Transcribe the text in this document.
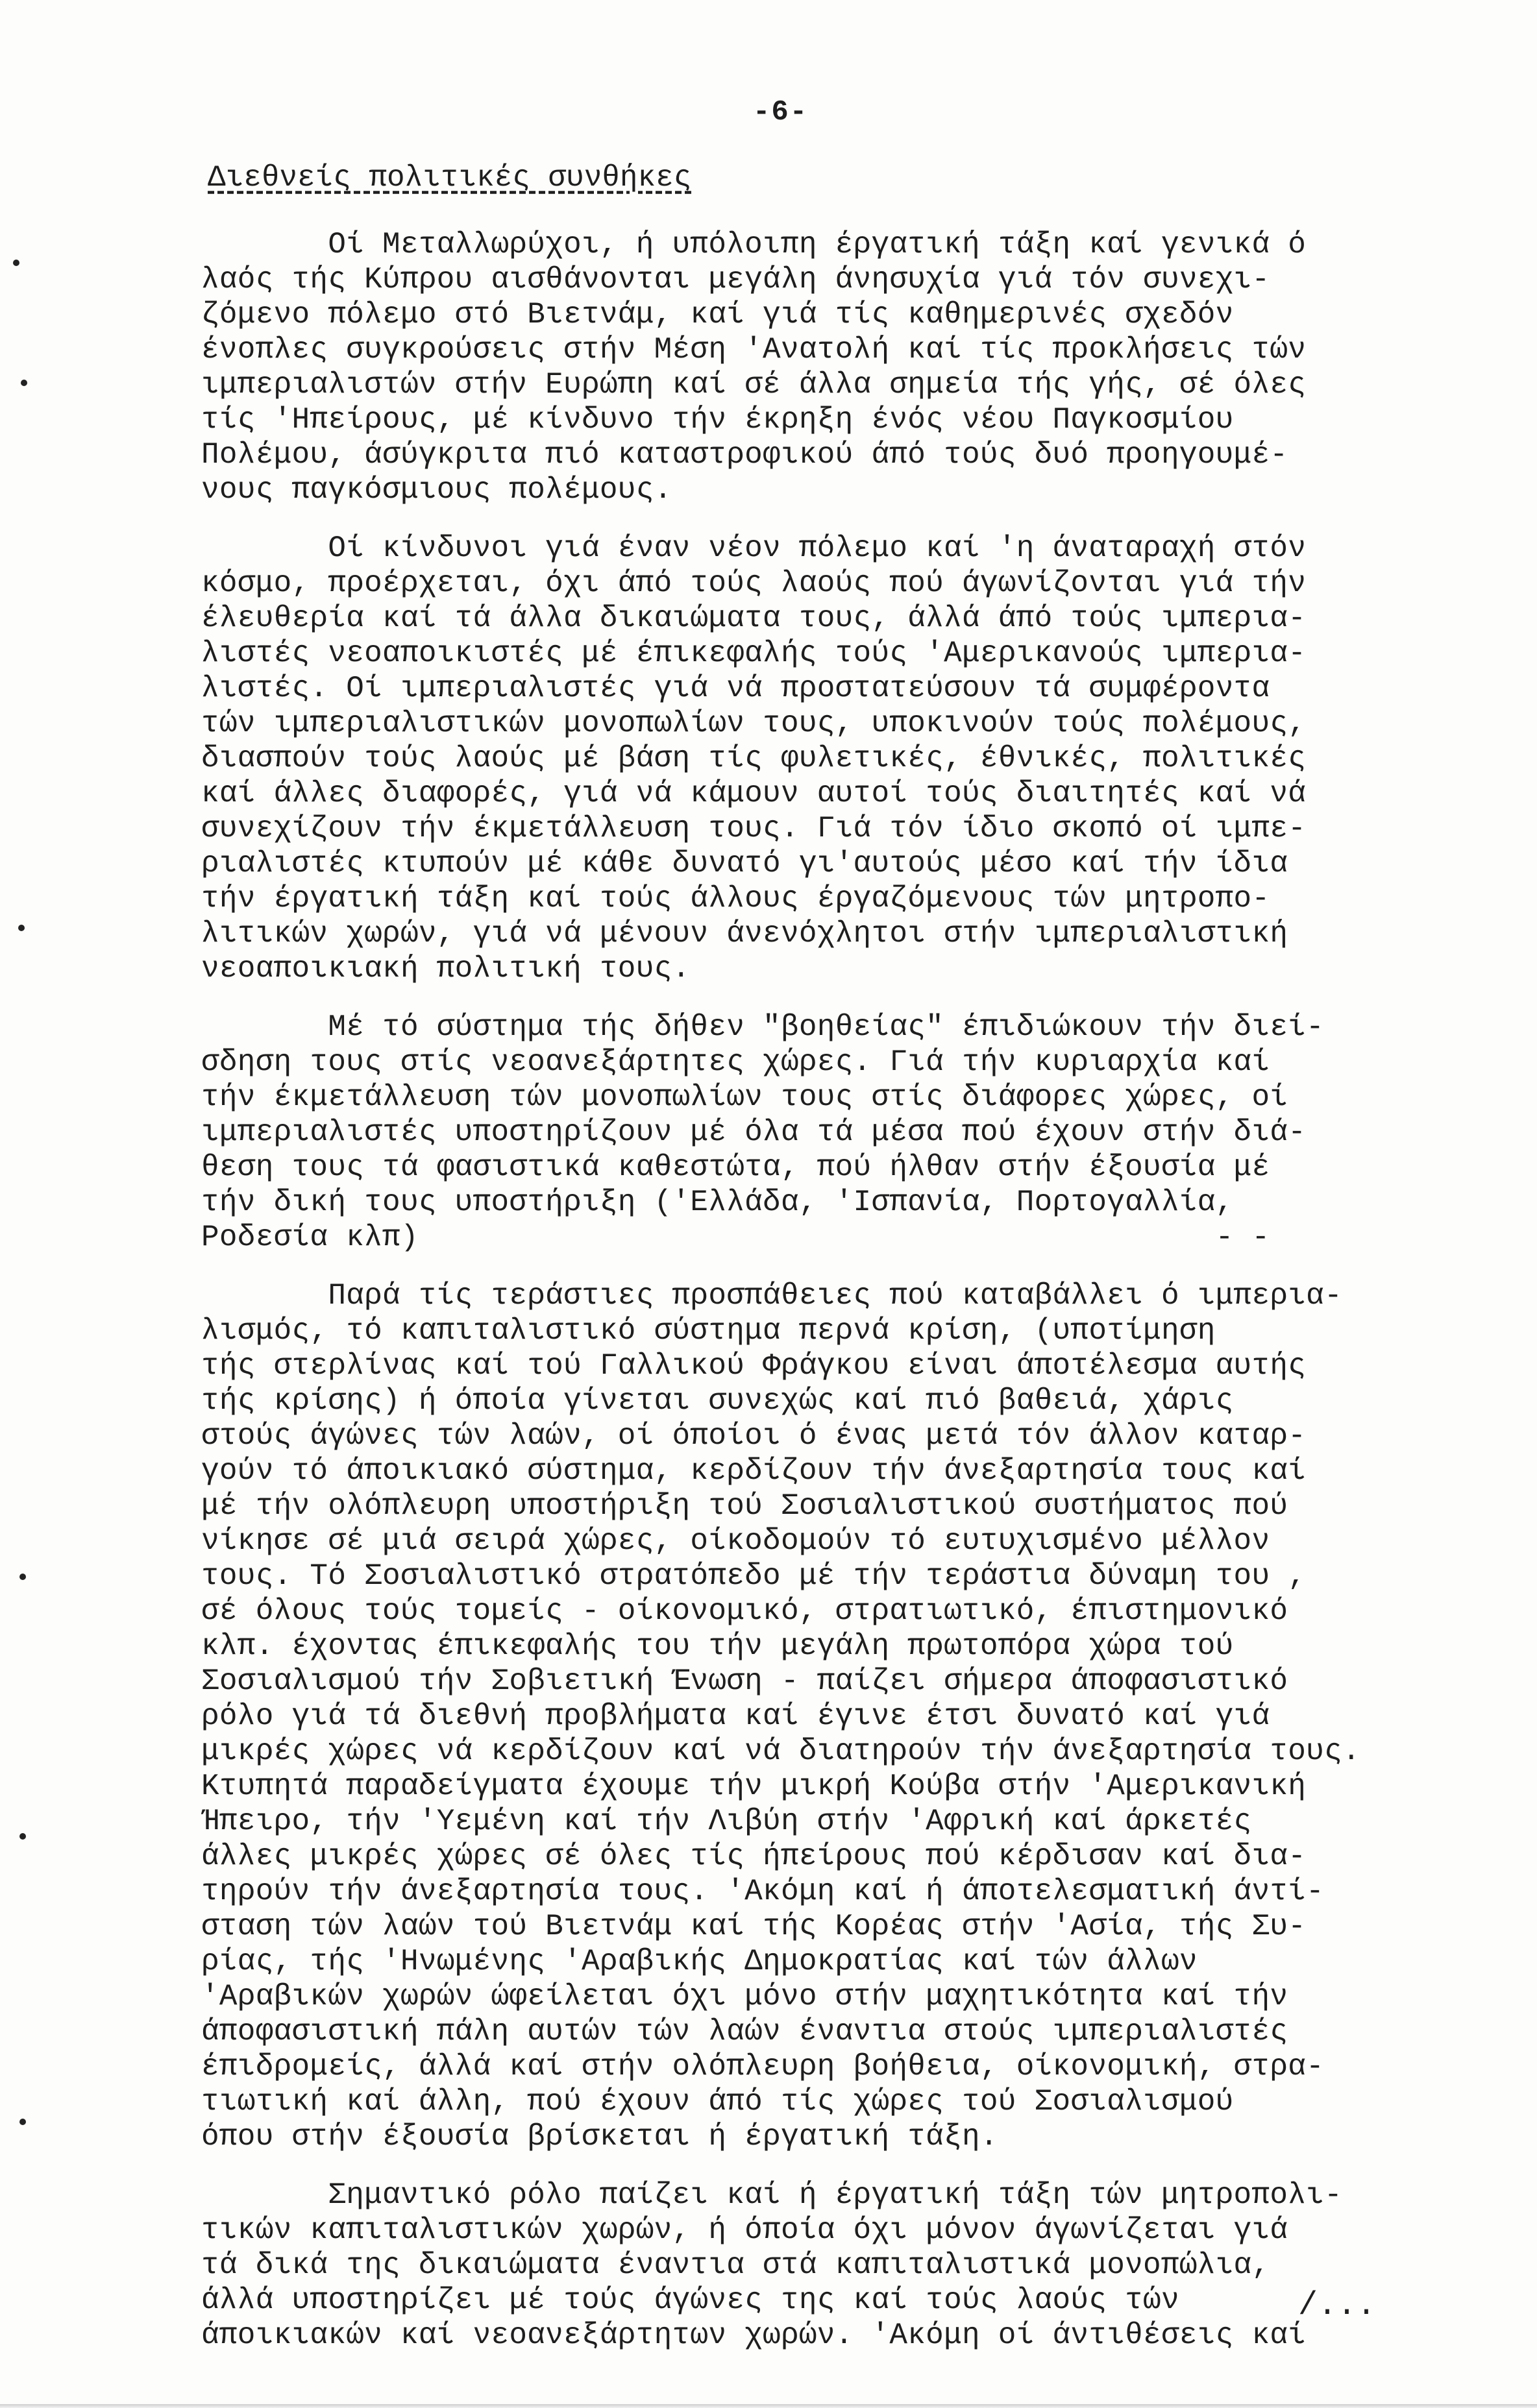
-6-
Διεθνείς πολιτικές συνθήκες
Οί Μεταλλωρύχοι, ή υπόλοιπη έργατική τάξη καί γενικά ό
λαός τής Κύπρου αισθάνονται μεγάλη άνησυχία γιά τόν συνεχι-
ζόμενο πόλεμο στό Βιετνάμ, καί γιά τίς καθημερινές σχεδόν
ένοπλες συγκρούσεις στήν Μέση 'Ανατολή καί τίς προκλήσεις τών
ιμπεριαλιστών στήν Ευρώπη καί σέ άλλα σημεία τής γής, σέ όλες
τίς 'Ηπείρους, μέ κίνδυνο τήν έκρηξη ένός νέου Παγκοσμίου
Πολέμου, άσύγκριτα πιό καταστροφικού άπό τούς δυό προηγουμέ-
νους παγκόσμιους πολέμους.
Οί κίνδυνοι γιά έναν νέον πόλεμο καί 'η άναταραχή στόν
κόσμο, προέρχεται, όχι άπό τούς λαούς πού άγωνίζονται γιά τήν
έλευθερία καί τά άλλα δικαιώματα τους, άλλά άπό τούς ιμπερια-
λιστές νεοαποικιστές μέ έπικεφαλής τούς 'Αμερικανούς ιμπερια-
λιστές. Οί ιμπεριαλιστές γιά νά προστατεύσουν τά συμφέροντα
τών ιμπεριαλιστικών μονοπωλίων τους, υποκινούν τούς πολέμους,
διασπούν τούς λαούς μέ βάση τίς φυλετικές, έθνικές, πολιτικές
καί άλλες διαφορές, γιά νά κάμουν αυτοί τούς διαιτητές καί νά
συνεχίζουν τήν έκμετάλλευση τους. Γιά τόν ίδιο σκοπό οί ιμπε-
ριαλιστές κτυπούν μέ κάθε δυνατό γι'αυτούς μέσο καί τήν ίδια
τήν έργατική τάξη καί τούς άλλους έργαζόμενους τών μητροπο-
λιτικών χωρών, γιά νά μένουν άνενόχλητοι στήν ιμπεριαλιστική
νεοαποικιακή πολιτική τους.
Μέ τό σύστημα τής δήθεν "βοηθείας" έπιδιώκουν τήν διεί-
σδηση τους στίς νεοανεξάρτητες χώρες. Γιά τήν κυριαρχία καί
τήν έκμετάλλευση τών μονοπωλίων τους στίς διάφορες χώρες, οί
ιμπεριαλιστές υποστηρίζουν μέ όλα τά μέσα πού έχουν στήν διά-
θεση τους τά φασιστικά καθεστώτα, πού ήλθαν στήν έξουσία μέ
τήν δική τους υποστήριξη ('Ελλάδα, 'Ισπανία, Πορτογαλλία,
Ροδεσία κλπ)                                            - -
Παρά τίς τεράστιες προσπάθειες πού καταβάλλει ό ιμπερια-
λισμός, τό καπιταλιστικό σύστημα περνά κρίση, (υποτίμηση
τής στερλίνας καί τού Γαλλικού Φράγκου είναι άποτέλεσμα αυτής
τής κρίσης) ή όποία γίνεται συνεχώς καί πιό βαθειά, χάρις
στούς άγώνες τών λαών, οί όποίοι ό ένας μετά τόν άλλον καταρ-
γούν τό άποικιακό σύστημα, κερδίζουν τήν άνεξαρτησία τους καί
μέ τήν ολόπλευρη υποστήριξη τού Σοσιαλιστικού συστήματος πού
νίκησε σέ μιά σειρά χώρες, οίκοδομούν τό ευτυχισμένο μέλλον
τους. Τό Σοσιαλιστικό στρατόπεδο μέ τήν τεράστια δύναμη του ,
σέ όλους τούς τομείς - οίκονομικό, στρατιωτικό, έπιστημονικό
κλπ. έχοντας έπικεφαλής του τήν μεγάλη πρωτοπόρα χώρα τού
Σοσιαλισμού τήν Σοβιετική Ένωση - παίζει σήμερα άποφασιστικό
ρόλο γιά τά διεθνή προβλήματα καί έγινε έτσι δυνατό καί γιά
μικρές χώρες νά κερδίζουν καί νά διατηρούν τήν άνεξαρτησία τους.
Κτυπητά παραδείγματα έχουμε τήν μικρή Κούβα στήν 'Αμερικανική
Ήπειρο, τήν 'Υεμένη καί τήν Λιβύη στήν 'Αφρική καί άρκετές
άλλες μικρές χώρες σέ όλες τίς ήπείρους πού κέρδισαν καί δια-
τηρούν τήν άνεξαρτησία τους. 'Ακόμη καί ή άποτελεσματική άντί-
σταση τών λαών τού Βιετνάμ καί τής Κορέας στήν 'Ασία, τής Συ-
ρίας, τής 'Ηνωμένης 'Αραβικής Δημοκρατίας καί τών άλλων
'Αραβικών χωρών ώφείλεται όχι μόνο στήν μαχητικότητα καί τήν
άποφασιστική πάλη αυτών τών λαών έναντια στούς ιμπεριαλιστές
έπιδρομείς, άλλά καί στήν ολόπλευρη βοήθεια, οίκονομική, στρα-
τιωτική καί άλλη, πού έχουν άπό τίς χώρες τού Σοσιαλισμού
όπου στήν έξουσία βρίσκεται ή έργατική τάξη.
Σημαντικό ρόλο παίζει καί ή έργατική τάξη τών μητροπολι-
τικών καπιταλιστικών χωρών, ή όποία όχι μόνον άγωνίζεται γιά
τά δικά της δικαιώματα έναντια στά καπιταλιστικά μονοπώλια,
άλλά υποστηρίζει μέ τούς άγώνες της καί τούς λαούς τών
άποικιακών καί νεοανεξάρτητων χωρών. 'Ακόμη οί άντιθέσεις καί
/...
